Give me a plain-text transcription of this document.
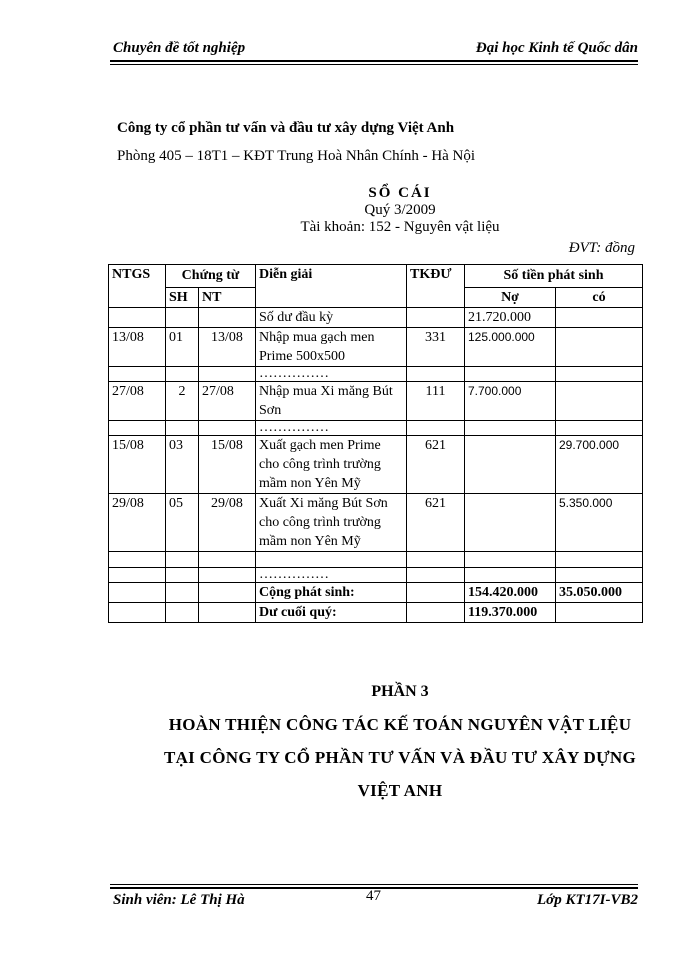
Chuyên đề tốt nghiệp	Đại học Kinh tế Quốc dân
Công ty cổ phần tư vấn và đầu tư xây dựng Việt Anh
Phòng 405 – 18T1 – KĐT Trung Hoà Nhân Chính - Hà Nội
SỔ CÁI
Quý 3/2009
Tài khoản: 152 - Nguyên vật liệu
ĐVT: đồng
NTGS	Chứng từ		Diễn giải	TKĐƯ	Số tiền phát sinh	
	SH	NT			Nợ	có
			Số dư đầu kỳ		21.720.000	
13/08	01	13/08	Nhập mua gạch men Prime 500x500	331	125.000.000	
			……………			
27/08	2	27/08	Nhập mua Xi măng Bút Sơn	111	7.700.000	
			……………			
15/08	03	15/08	Xuất gạch men Prime cho công trình trường mầm non Yên Mỹ	621		29.700.000
29/08	05	29/08	Xuất Xi măng Bút Sơn cho công trình trường mầm non Yên Mỹ	621		5.350.000

			……………			
			Cộng phát sinh:		154.420.000	35.050.000
			Dư cuối quý:		119.370.000	
PHẦN 3
HOÀN THIỆN CÔNG TÁC KẾ TOÁN NGUYÊN VẬT LIỆU
TẠI CÔNG TY CỔ PHẦN TƯ VẤN VÀ ĐẦU TƯ XÂY DỰNG
VIỆT ANH
Sinh viên: Lê Thị Hà	47	Lớp KT17I-VB2
